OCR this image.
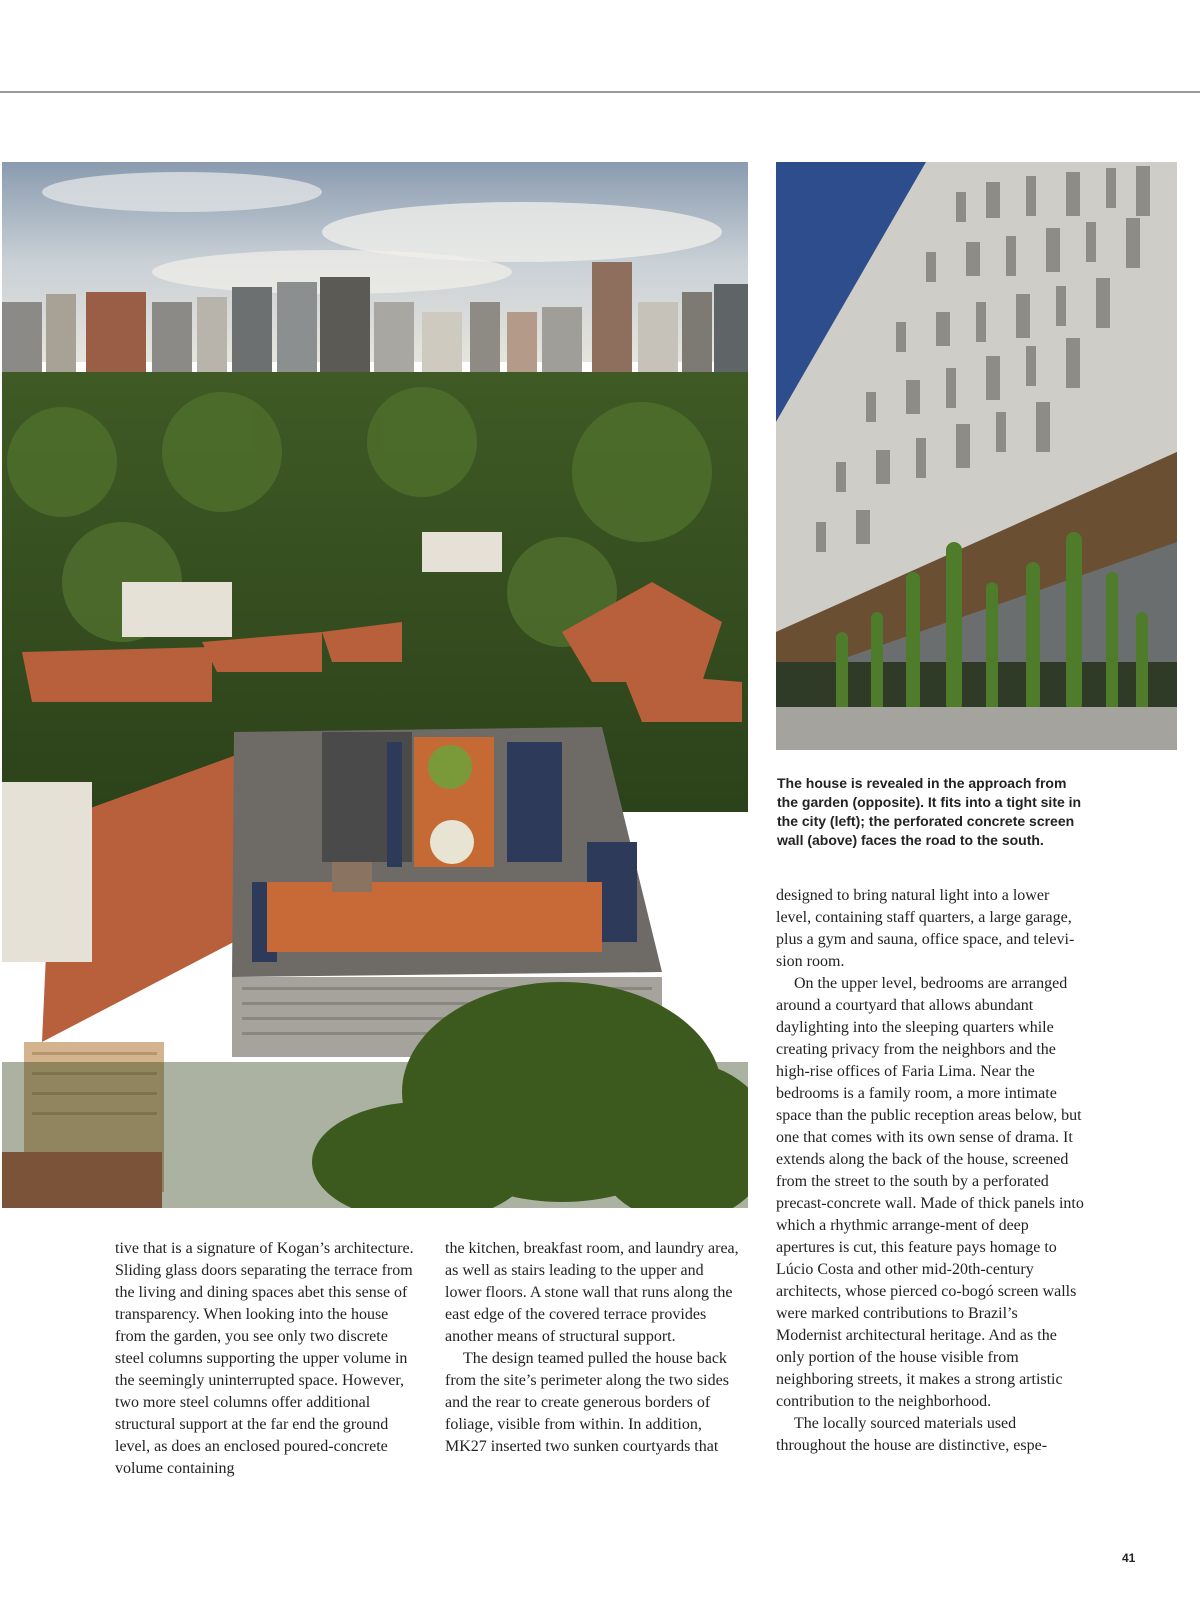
The house is revealed in the approach from the garden (opposite). It fits into a tight site in the city (left); the perforated concrete screen wall (above) faces the road to the south.

tive that is a signature of Kogan’s architecture. Sliding glass doors separating the terrace from the living and dining spaces abet this sense of transparency. When looking into the house from the garden, you see only two discrete steel columns supporting the upper volume in the seemingly uninterrupted space. However, two more steel columns offer additional structural support at the far end the ground level, as does an enclosed poured-concrete volume containing

the kitchen, breakfast room, and laundry area, as well as stairs leading to the upper and lower floors. A stone wall that runs along the east edge of the covered terrace provides another means of structural support.

The design teamed pulled the house back from the site’s perimeter along the two sides and the rear to create generous borders of foliage, visible from within. In addition, MK27 inserted two sunken courtyards that

designed to bring natural light into a lower level, containing staff quarters, a large garage, plus a gym and sauna, office space, and televi-sion room.

On the upper level, bedrooms are arranged around a courtyard that allows abundant daylighting into the sleeping quarters while creating privacy from the neighbors and the high-rise offices of Faria Lima. Near the bedrooms is a family room, a more intimate space than the public reception areas below, but one that comes with its own sense of drama. It extends along the back of the house, screened from the street to the south by a perforated precast-concrete wall. Made of thick panels into which a rhythmic arrange-ment of deep apertures is cut, this feature pays homage to Lúcio Costa and other mid-20th-century architects, whose pierced co-bogó screen walls were marked contributions to Brazil’s Modernist architectural heritage. And as the only portion of the house visible from neighboring streets, it makes a strong artistic contribution to the neighborhood.

The locally sourced materials used throughout the house are distinctive, espe-

41
